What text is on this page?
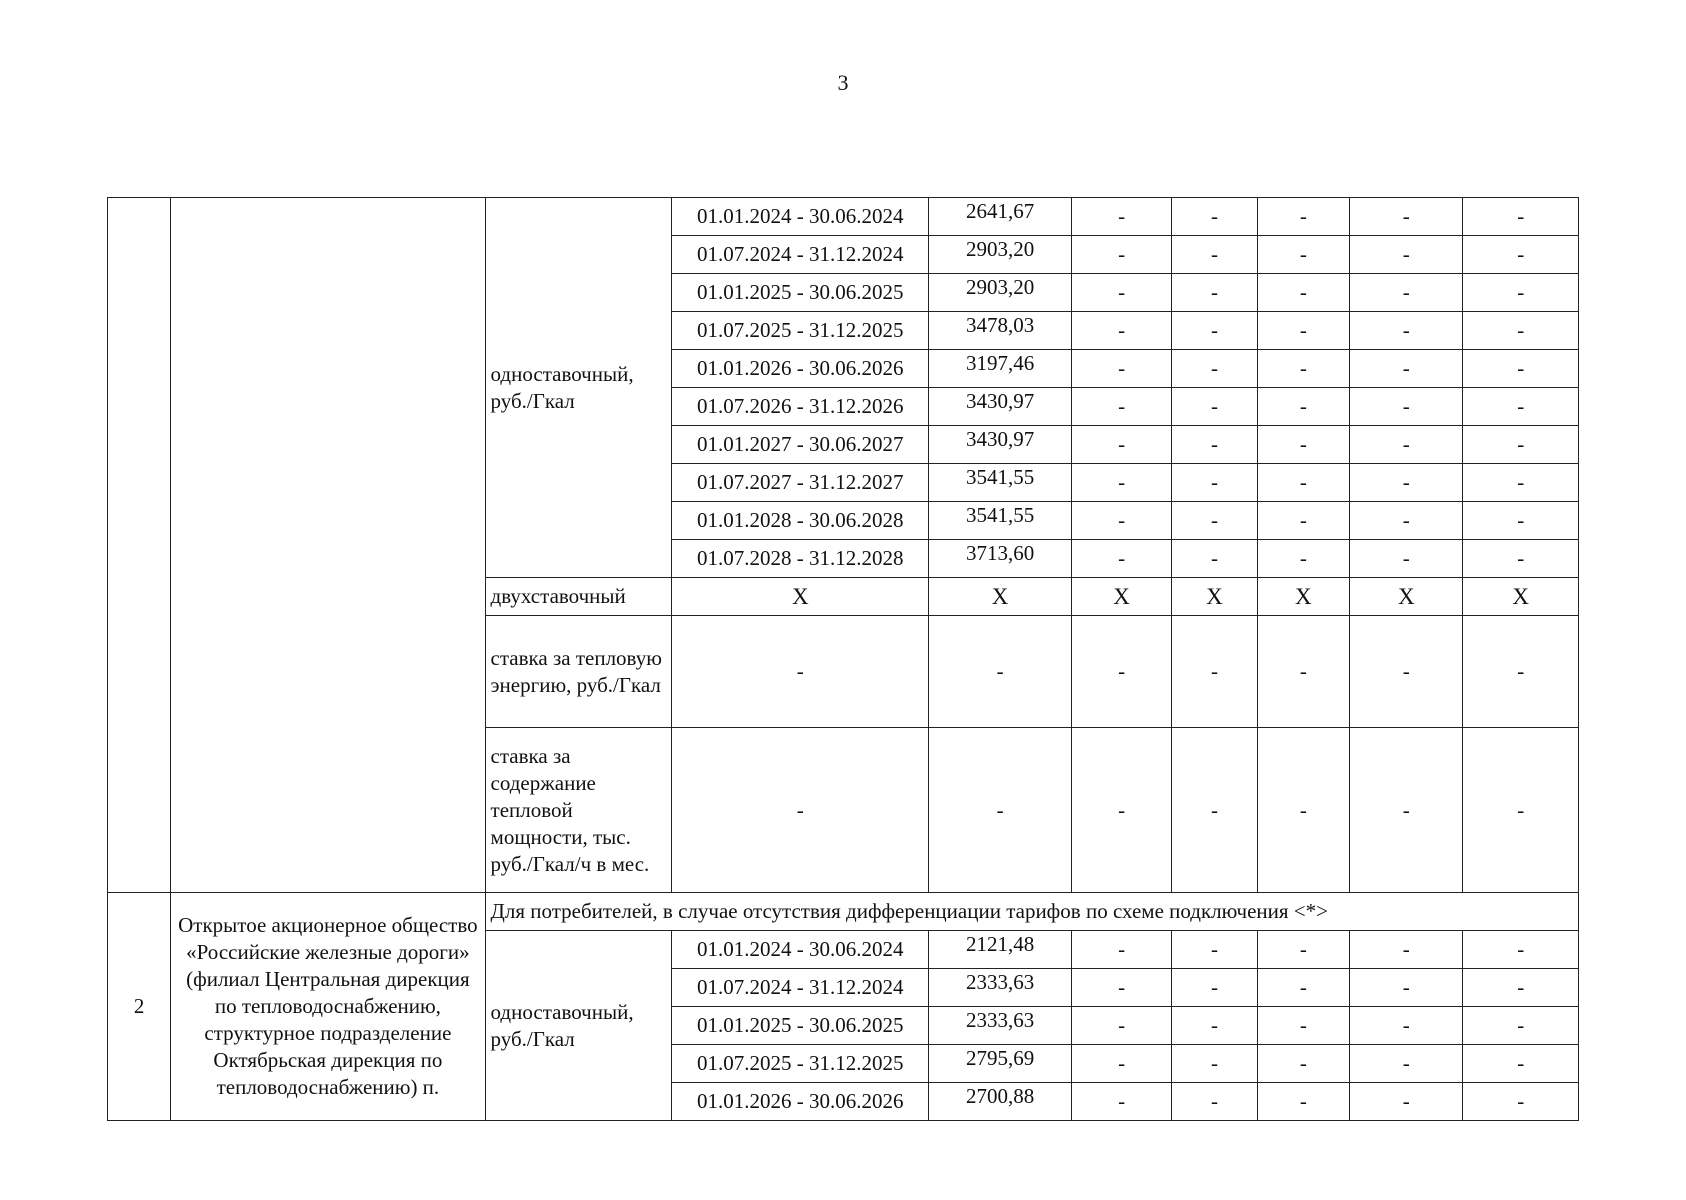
3
		одноставочный, руб./Гкал	01.01.2024 - 30.06.2024	2641,67	-	-	-	-	-
			01.07.2024 - 31.12.2024	2903,20	-	-	-	-	-
			01.01.2025 - 30.06.2025	2903,20	-	-	-	-	-
			01.07.2025 - 31.12.2025	3478,03	-	-	-	-	-
			01.01.2026 - 30.06.2026	3197,46	-	-	-	-	-
			01.07.2026 - 31.12.2026	3430,97	-	-	-	-	-
			01.01.2027 - 30.06.2027	3430,97	-	-	-	-	-
			01.07.2027 - 31.12.2027	3541,55	-	-	-	-	-
			01.01.2028 - 30.06.2028	3541,55	-	-	-	-	-
			01.07.2028 - 31.12.2028	3713,60	-	-	-	-	-
		двухставочный	X	X	X	X	X	X	X
		ставка за тепловую энергию, руб./Гкал	-	-	-	-	-	-	-
		ставка за содержание тепловой мощности, тыс. руб./Гкал/ч в мес.	-	-	-	-	-	-	-
2	Открытое акционерное общество «Российские железные дороги» (филиал Центральная дирекция по тепловодоснабжению, структурное подразделение Октябрьская дирекция по тепловодоснабжению) п.	Для потребителей, в случае отсутствия дифференциации тарифов по схеме подключения <*>							
		одноставочный, руб./Гкал	01.01.2024 - 30.06.2024	2121,48	-	-	-	-	-
			01.07.2024 - 31.12.2024	2333,63	-	-	-	-	-
			01.01.2025 - 30.06.2025	2333,63	-	-	-	-	-
			01.07.2025 - 31.12.2025	2795,69	-	-	-	-	-
			01.01.2026 - 30.06.2026	2700,88	-	-	-	-	-
